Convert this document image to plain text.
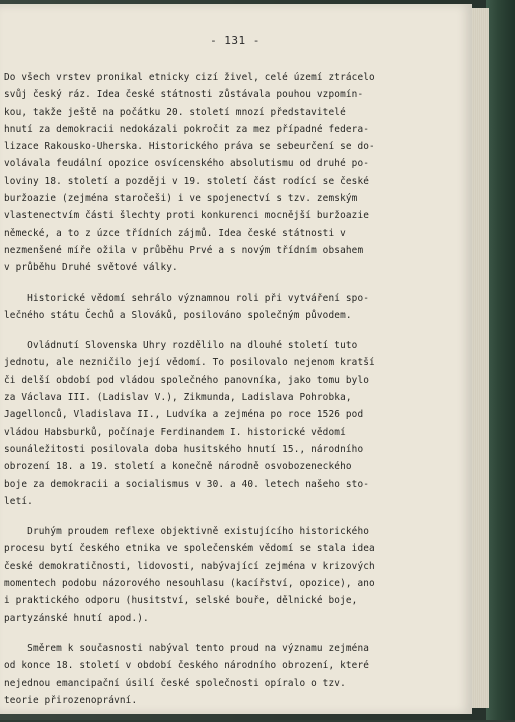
- 131 -
Do všech vrstev pronikal etnicky cizí živel, celé území ztrácelo
svůj český ráz. Idea české státnosti zůstávala pouhou vzpomín-
kou, takže ještě na počátku 20. století mnozí představitelé
hnutí za demokracii nedokázali pokročit za mez případné federa-
lizace Rakousko-Uherska. Historického práva se sebeurčení se do-
volávala feudální opozice osvícenského absolutismu od druhé po-
loviny 18. století a později v 19. století část rodící se české
buržoazie (zejména staročeši) i ve spojenectví s tzv. zemským
vlastenectvím části šlechty proti konkurenci mocnější buržoazie
německé, a to z úzce třídních zájmů. Idea české státnosti v
nezmenšené míře ožila v průběhu Prvé a s novým třídním obsahem
v průběhu Druhé světové války.
Historické vědomí sehrálo významnou roli při vytváření spo-
lečného státu Čechů a Slováků, posilováno společným původem.
Ovládnutí Slovenska Uhry rozdělilo na dlouhé století tuto
jednotu, ale nezničilo její vědomí. To posilovalo nejenom kratší
či delší období pod vládou společného panovníka, jako tomu bylo
za Václava III. (Ladislav V.), Zikmunda, Ladislava Pohrobka,
Jagellonců, Vladislava II., Ludvíka a zejména po roce 1526 pod
vládou Habsburků, počínaje Ferdinandem I. historické vědomí
sounáležitosti posilovala doba husitského hnutí 15., národního
obrození 18. a 19. století a konečně národně osvobozeneckého
boje za demokracii a socialismus v 30. a 40. letech našeho sto-
letí.
Druhým proudem reflexe objektivně existujícího historického
procesu bytí českého etnika ve společenském vědomí se stala idea
české demokratičnosti, lidovosti, nabývající zejména v krizových
momentech podobu názorového nesouhlasu (kacířství, opozice), ano
i praktického odporu (husitství, selské bouře, dělnické boje,
partyzánské hnutí apod.).
Směrem k současnosti nabýval tento proud na významu zejména
od konce 18. století v období českého národního obrození, které
nejednou emancipační úsilí české společnosti opíralo o tzv.
teorie přirozenoprávní.
